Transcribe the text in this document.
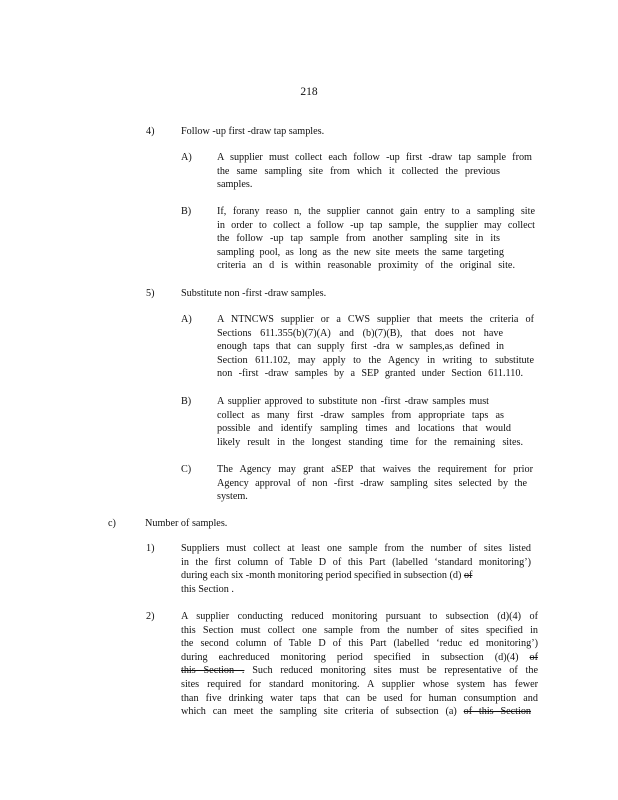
218
4)	Follow -up first -draw tap samples.
A) A supplier must collect each follow -up first -draw tap sample from
the same sampling site from which it collected the previous
samples.
B)	If, forany reaso n, the supplier cannot gain entry to a sampling site
in order to collect a follow -up tap sample, the supplier may collect
the follow -up tap sample from another sampling site in its
sampling pool, as long as the new site meets the same targeting
criteria an d is within reasonable proximity of the original site.
5)	Substitute non -first -draw samples.
A) A NTNCWS supplier or a CWS supplier that meets the criteria of
Sections 611.355(b)(7)(A) and (b)(7)(B), that does not have
enough taps that can supply first -dra w samples,as defined in
Section 611.102, may apply to the Agency in writing to substitute
non -first -draw samples by a SEP granted under Section 611.110.
B)	A supplier approved to substitute non -first -draw samples must
collect as many first -draw samples from appropriate taps as
possible and identify sampling times and locations that would
likely result in the longest standing time for the remaining sites.
C)	The Agency may grant aSEP that waives the requirement for prior
Agency approval of non -first -draw sampling sites selected by the
system.
c)	Number of samples.
1)	Suppliers must collect at least one sample from the number of sites listed
in the first column of Table D of this Part (labelled ‘standard monitoring’)
during each six -month monitoring period specified in subsection (d) of
this Section .
2)	A supplier conducting reduced monitoring pursuant to subsection (d)(4) of
this Section must collect one sample from the number of sites specified in
the second column of Table D of this Part (labelled ‘reduc ed monitoring’)
during eachreduced monitoring period specified in subsection (d)(4) of
this Section . Such reduced monitoring sites must be representative of the
sites required for standard monitoring. A supplier whose system has fewer
than five drinking water taps that can be used for human consumption and
which can meet the sampling site criteria of subsection (a) of this Section
